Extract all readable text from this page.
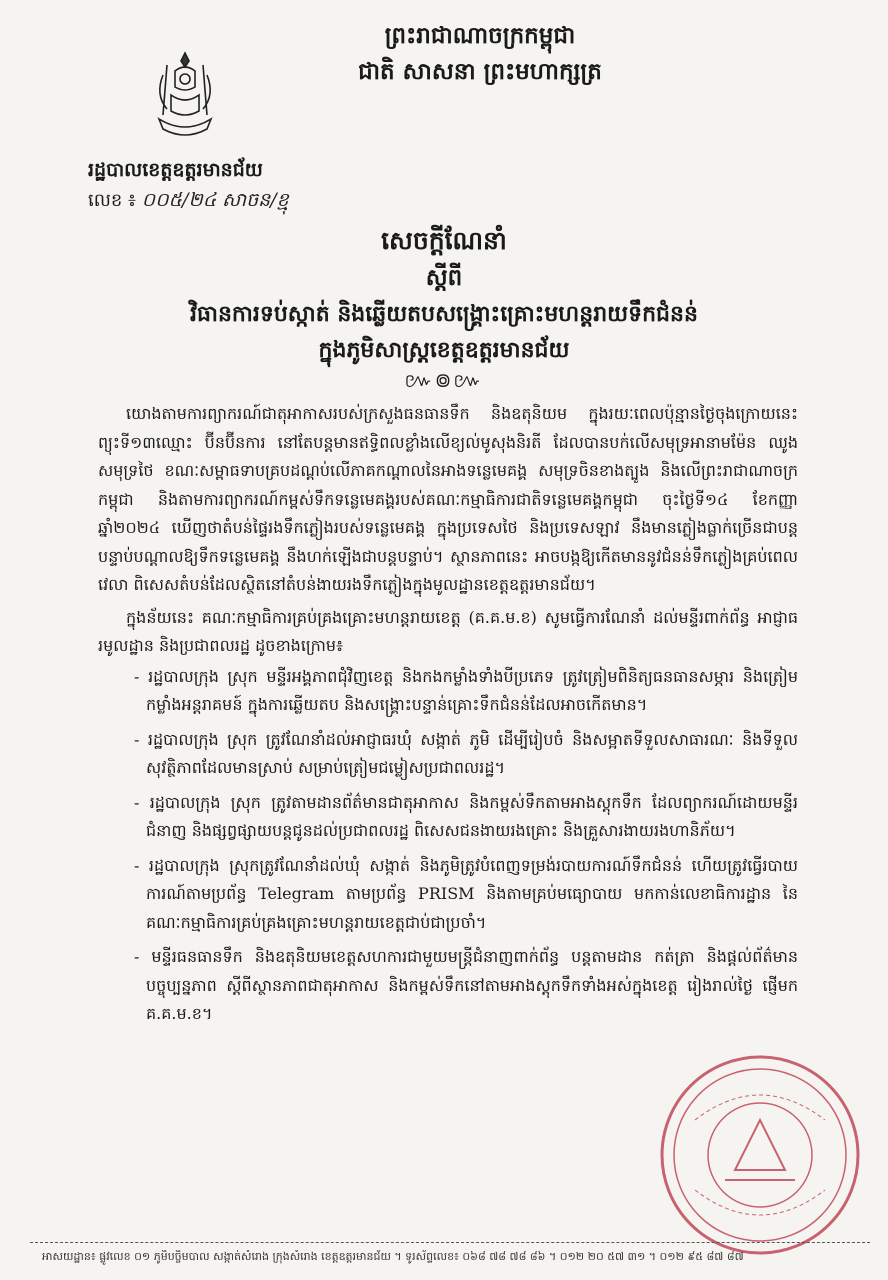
ព្រះរាជាណាចក្រកម្ពុជា
ជាតិ សាសនា ព្រះមហាក្សត្រ
រដ្ឋបាលខេត្តឧត្តរមានជ័យ
លេខ ៖ ០០៥/២៤ សាចន/ខ្មុ
សេចក្ដីណែនាំ
ស្ដីពី
វិធានការទប់ស្កាត់ និងឆ្លើយតបសង្គ្រោះគ្រោះមហន្តរាយទឹកជំនន់
ក្នុងភូមិសាស្រ្តខេត្តឧត្តរមានជ័យ
៚៙៚

យោងតាមការព្យាករណ៍ជាតុអាកាសរបស់ក្រសួងធនធានទឹក និងឧតុនិយម ក្នុងរយៈពេលប៉ុន្មានថ្ងៃចុងក្រោយនេះ ព្យុះទី១៣ឈ្មោះ ប៊ីនប៊ីនការ នៅតែបន្តមានឥទ្ធិពលខ្លាំងលើខ្យល់មូសុងនិរតី ដែលបានបក់លើសមុទ្រអានាមម៉ែន ឈូងសមុទ្រថៃ ខណៈសម្ពាធទាបគ្របដណ្ដប់លើភាគកណ្ដាលនៃអាងទន្លេមេគង្គ សមុទ្រចិនខាងត្បូង និងលើព្រះរាជាណាចក្រកម្ពុជា និងតាមការព្យាករណ៍កម្ពស់ទឹកទន្លេមេគង្គរបស់គណៈកម្មាធិការជាតិទន្លេមេគង្គកម្ពុជា ចុះថ្ងៃទី១៤ ខែកញ្ញា ឆ្នាំ២០២៤ ឃើញថាតំបន់ផ្ទៃរងទឹកភ្លៀងរបស់ទន្លេមេគង្គ ក្នុងប្រទេសថៃ និងប្រទេសឡាវ នឹងមានភ្លៀងធ្លាក់ច្រើនជាបន្តបន្ទាប់បណ្ដាលឱ្យទឹកទន្លេមេគង្គ នឹងហក់ឡើងជាបន្តបន្ទាប់។ ស្ថានភាពនេះ អាចបង្កឱ្យកើតមាននូវជំនន់ទឹកភ្លៀងគ្រប់ពេលវេលា ពិសេសតំបន់ដែលស្ថិតនៅតំបន់ងាយរងទឹកភ្លៀងក្នុងមូលដ្ឋានខេត្តឧត្តរមានជ័យ។

ក្នុងន័យនេះ គណៈកម្មាធិការគ្រប់គ្រងគ្រោះមហន្តរាយខេត្ត (គ.គ.ម.ខ) សូមធ្វើការណែនាំ ដល់មន្ទីរពាក់ព័ន្ធ អាជ្ញាធរមូលដ្ឋាន និងប្រជាពលរដ្ឋ ដូចខាងក្រោម៖

- រដ្ឋបាលក្រុង ស្រុក មន្ទីរអង្គភាពជុំវិញខេត្ត និងកងកម្លាំងទាំងបីប្រភេទ ត្រូវត្រៀមពិនិត្យធនធានសម្ភារ និងត្រៀមកម្លាំងអន្តរាគមន៍ ក្នុងការឆ្លើយតប និងសង្គ្រោះបន្ទាន់គ្រោះទឹកជំនន់ដែលអាចកើតមាន។
- រដ្ឋបាលក្រុង ស្រុក ត្រូវណែនាំដល់អាជ្ញាធរឃុំ សង្កាត់ ភូមិ ដើម្បីរៀបចំ និងសម្អាតទីទួលសាធារណៈ និងទីទួលសុវត្ថិភាពដែលមានស្រាប់ សម្រាប់ត្រៀមជម្លៀសប្រជាពលរដ្ឋ។
- រដ្ឋបាលក្រុង ស្រុក ត្រូវតាមដានព័ត៌មានជាតុអាកាស និងកម្ពស់ទឹកតាមអាងស្តុកទឹក ដែលព្យាករណ៍ដោយមន្ទីរជំនាញ និងផ្សព្វផ្សាយបន្តជូនដល់ប្រជាពលរដ្ឋ ពិសេសជនងាយរងគ្រោះ និងគ្រួសារងាយរងហានិភ័យ។
- រដ្ឋបាលក្រុង ស្រុកត្រូវណែនាំដល់ឃុំ សង្កាត់ និងភូមិត្រូវបំពេញទម្រង់របាយការណ៍ទឹកជំនន់ ហើយត្រូវធ្វើរបាយការណ៍តាមប្រព័ន្ធ Telegram តាមប្រព័ន្ធ PRISM និងតាមគ្រប់មធ្យោបាយ មកកាន់លេខាធិការដ្ឋាន នៃគណៈកម្មាធិការគ្រប់គ្រងគ្រោះមហន្តរាយខេត្តជាប់ជាប្រចាំ។
- មន្ទីរធនធានទឹក និងឧតុនិយមខេត្តសហការជាមួយមន្ត្រីជំនាញពាក់ព័ន្ធ បន្តតាមដាន កត់ត្រា និងផ្ដល់ព័ត៌មានបច្ចុប្បន្នភាព ស្ដីពីស្ថានភាពជាតុអាកាស និងកម្ពស់ទឹកនៅតាមអាងស្តុកទឹកទាំងអស់ក្នុងខេត្ត រៀងរាល់ថ្ងៃ ផ្ញើមក គ.គ.ម.ខ។
អាសយដ្ឋាន៖ ផ្លូវលេខ ០១ ភូមិបច្ចិមបាល សង្កាត់សំរោង ក្រុងសំរោង ខេត្តឧត្តរមានជ័យ ។ ទូរស័ព្ទលេខ៖ ០៦៨ ៧៨ ៧៨ ៨៦ ។ ០១២ ២០ ៥៧ ៣១ ។ ០១២ ៩៥ ៨៧ ៨៧
